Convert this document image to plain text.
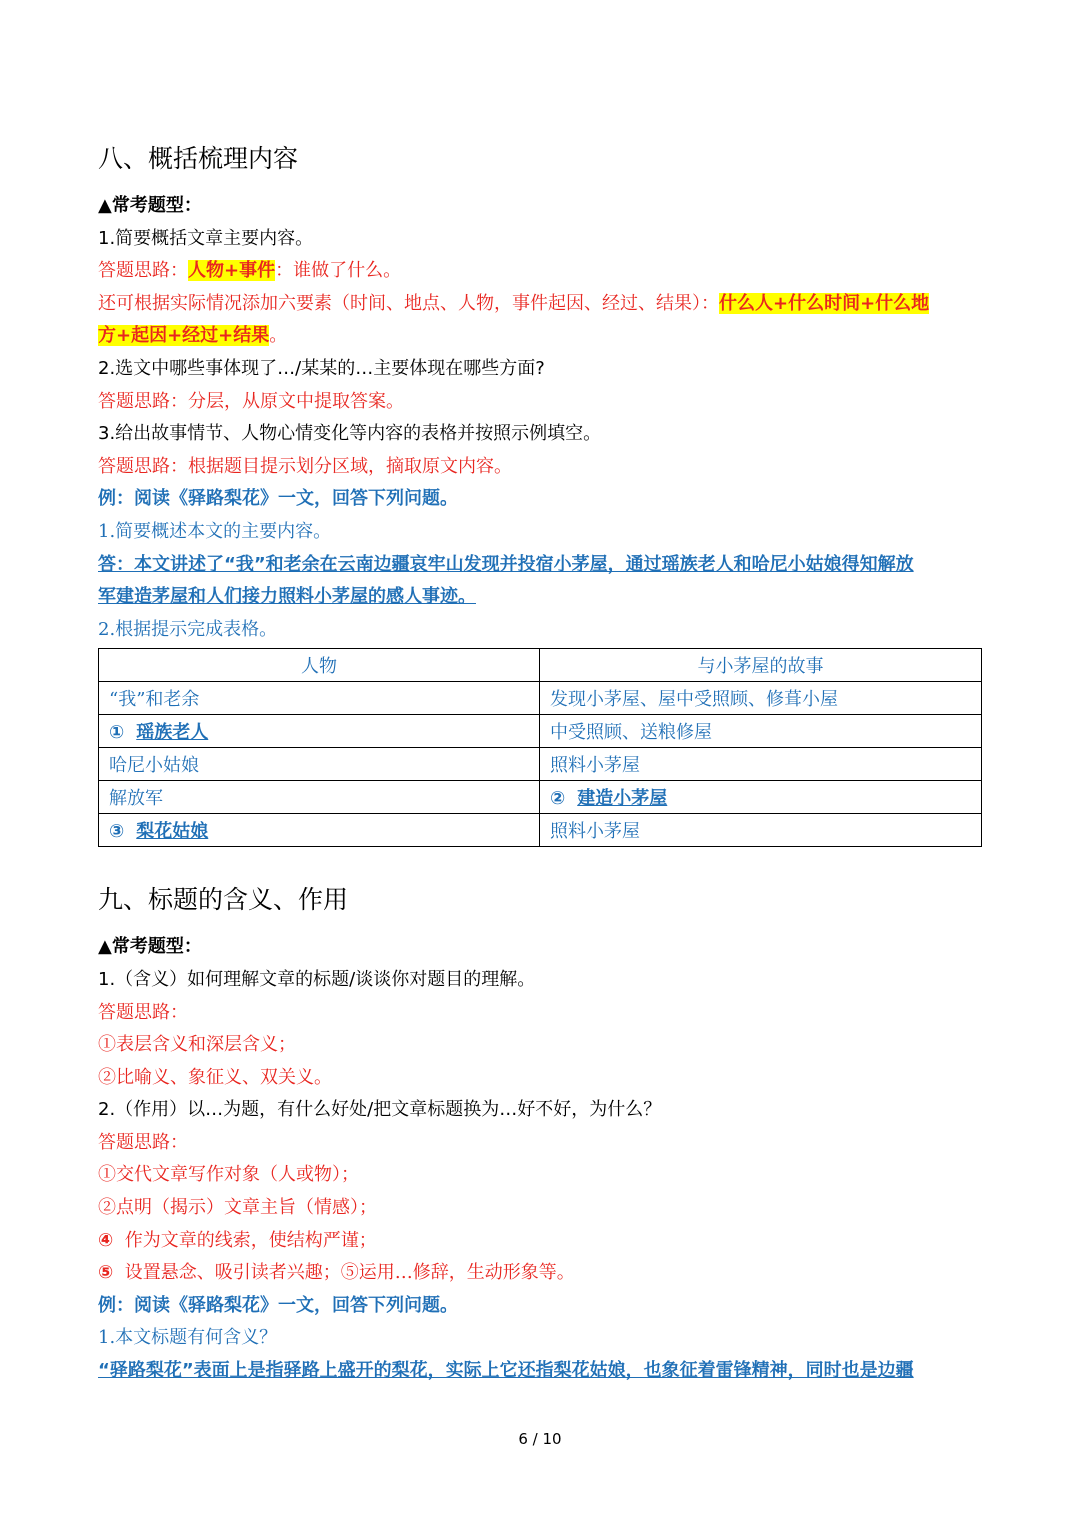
八、概括梳理内容
▲常考题型：
1.简要概括文章主要内容。
答题思路：人物+事件：谁做了什么。
还可根据实际情况添加六要素（时间、地点、人物，事件起因、经过、结果）：什么人+什么时间+什么地
方+起因+经过+结果。
2.选文中哪些事体现了…/某某的…主要体现在哪些方面?
答题思路：分层，从原文中提取答案。
3.给出故事情节、人物心情变化等内容的表格并按照示例填空。
答题思路：根据题目提示划分区域，摘取原文内容。
例：阅读《驿路梨花》一文，回答下列问题。
1.简要概述本文的主要内容。
答：本文讲述了“我”和老余在云南边疆哀牢山发现并投宿小茅屋，通过瑶族老人和哈尼小姑娘得知解放
军建造茅屋和人们接力照料小茅屋的感人事迹。
2.根据提示完成表格。
人物	与小茅屋的故事
“我”和老余	发现小茅屋、屋中受照顾、修葺小屋
① 瑶族老人	中受照顾、送粮修屋
哈尼小姑娘	照料小茅屋
解放军	② 建造小茅屋
③ 梨花姑娘	照料小茅屋
九、标题的含义、作用
▲常考题型：
1.（含义）如何理解文章的标题/谈谈你对题目的理解。
答题思路：
①表层含义和深层含义；
②比喻义、象征义、双关义。
2.（作用）以…为题，有什么好处/把文章标题换为…好不好，为什么？
答题思路：
①交代文章写作对象（人或物）；
②点明（揭示）文章主旨（情感）；
④ 作为文章的线索，使结构严谨；
⑤ 设置悬念、吸引读者兴趣；⑤运用…修辞，生动形象等。
例：阅读《驿路梨花》一文，回答下列问题。
1.本文标题有何含义？
“驿路梨花”表面上是指驿路上盛开的梨花，实际上它还指梨花姑娘，也象征着雷锋精神，同时也是边疆
6 / 10
